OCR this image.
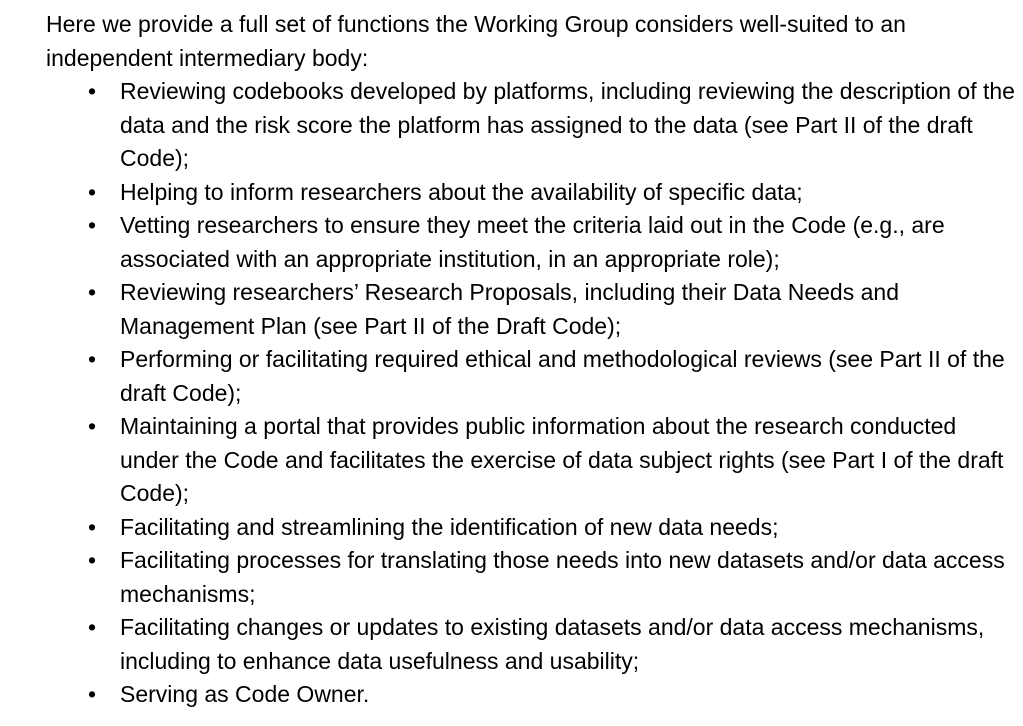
Here we provide a full set of functions the Working Group considers well-suited to an independent intermediary body:

• Reviewing codebooks developed by platforms, including reviewing the description of the data and the risk score the platform has assigned to the data (see Part II of the draft Code);
• Helping to inform researchers about the availability of specific data;
• Vetting researchers to ensure they meet the criteria laid out in the Code (e.g., are associated with an appropriate institution, in an appropriate role);
• Reviewing researchers’ Research Proposals, including their Data Needs and Management Plan (see Part II of the Draft Code);
• Performing or facilitating required ethical and methodological reviews (see Part II of the draft Code);
• Maintaining a portal that provides public information about the research conducted under the Code and facilitates the exercise of data subject rights (see Part I of the draft Code);
• Facilitating and streamlining the identification of new data needs;
• Facilitating processes for translating those needs into new datasets and/or data access mechanisms;
• Facilitating changes or updates to existing datasets and/or data access mechanisms, including to enhance data usefulness and usability;
• Serving as Code Owner.
